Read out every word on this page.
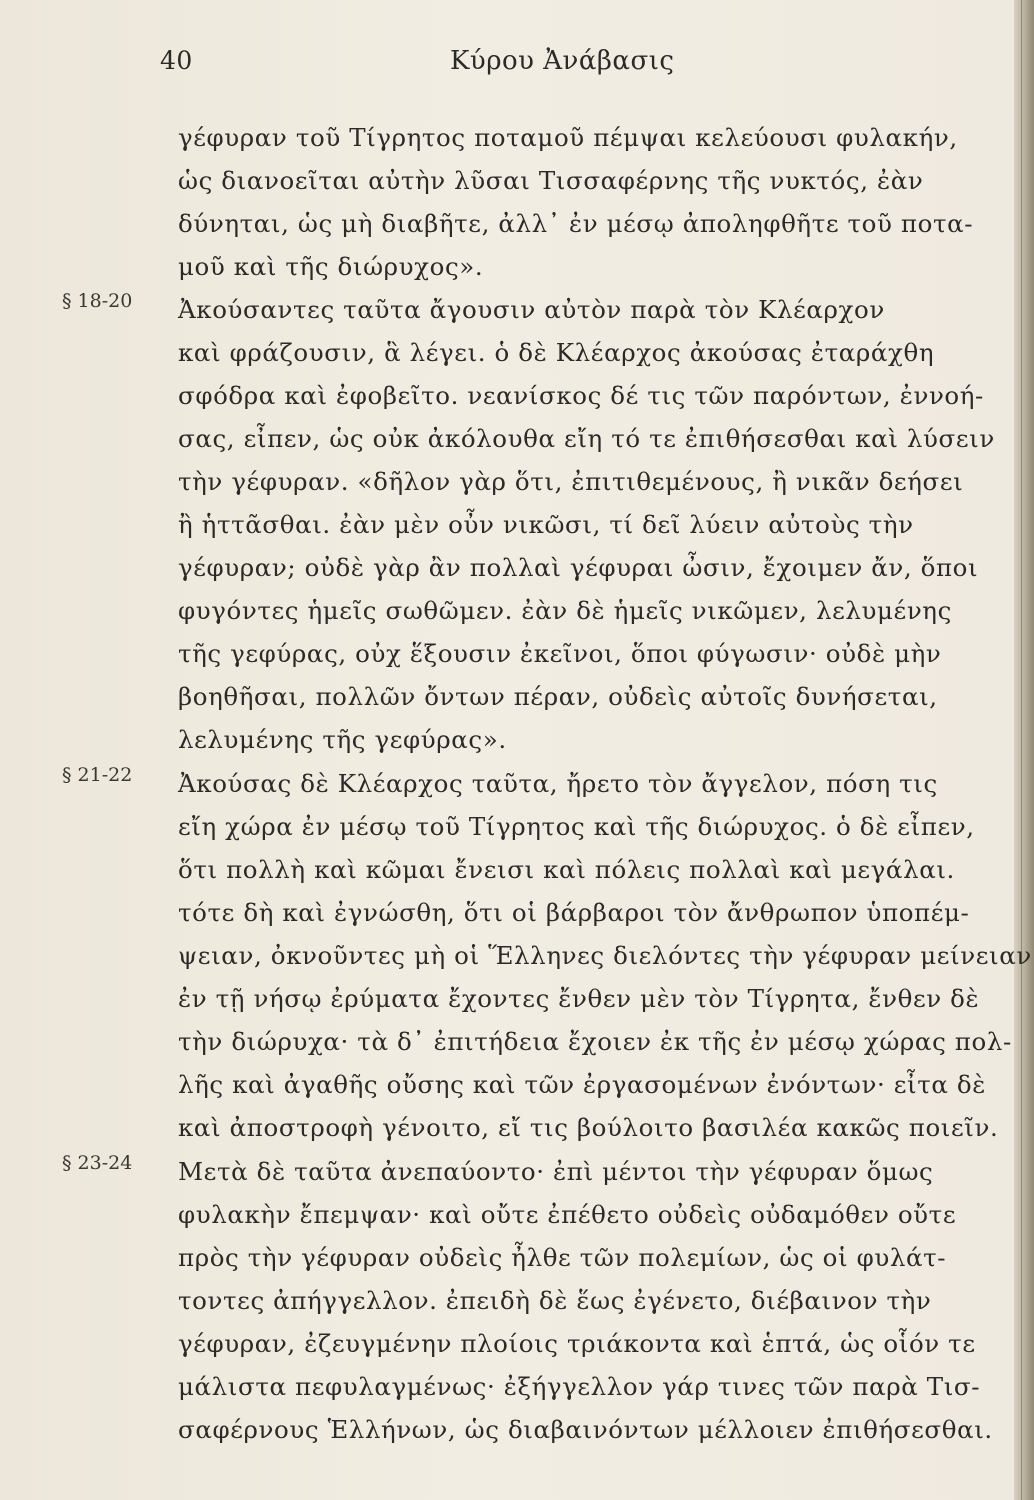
40	Κύρου Ἀνάβασις
γέφυραν τοῦ Τίγρητος ποταμοῦ πέμψαι κελεύουσι φυλακήν,
ὡς διανοεῖται αὐτὴν λῦσαι Τισσαφέρνης τῆς νυκτός, ἐὰν
δύνηται, ὡς μὴ διαβῆτε, ἀλλ᾽ ἐν μέσῳ ἀποληφθῆτε τοῦ ποτα-
μοῦ καὶ τῆς διώρυχος».
§ 18-20 Ἀκούσαντες ταῦτα ἄγουσιν αὐτὸν παρὰ τὸν Κλέαρχον
καὶ φράζουσιν, ἃ λέγει. ὁ δὲ Κλέαρχος ἀκούσας ἐταράχθη
σφόδρα καὶ ἐφοβεῖτο. νεανίσκος δέ τις τῶν παρόντων, ἐννοή-
σας, εἶπεν, ὡς οὐκ ἀκόλουθα εἴη τό τε ἐπιθήσεσθαι καὶ λύσειν
τὴν γέφυραν. «δῆλον γὰρ ὅτι, ἐπιτιθεμένους, ἢ νικᾶν δεήσει
ἢ ἡττᾶσθαι. ἐὰν μὲν οὖν νικῶσι, τί δεῖ λύειν αὐτοὺς τὴν
γέφυραν; οὐδὲ γὰρ ἂν πολλαὶ γέφυραι ὦσιν, ἔχοιμεν ἄν, ὅποι
φυγόντες ἡμεῖς σωθῶμεν. ἐὰν δὲ ἡμεῖς νικῶμεν, λελυμένης
τῆς γεφύρας, οὐχ ἕξουσιν ἐκεῖνοι, ὅποι φύγωσιν· οὐδὲ μὴν
βοηθῆσαι, πολλῶν ὄντων πέραν, οὐδεὶς αὐτοῖς δυνήσεται,
λελυμένης τῆς γεφύρας».
§ 21-22 Ἀκούσας δὲ Κλέαρχος ταῦτα, ἤρετο τὸν ἄγγελον, πόση τις
εἴη χώρα ἐν μέσῳ τοῦ Τίγρητος καὶ τῆς διώρυχος. ὁ δὲ εἶπεν,
ὅτι πολλὴ καὶ κῶμαι ἔνεισι καὶ πόλεις πολλαὶ καὶ μεγάλαι.
τότε δὴ καὶ ἐγνώσθη, ὅτι οἱ βάρβαροι τὸν ἄνθρωπον ὑποπέμ-
ψειαν, ὀκνοῦντες μὴ οἱ Ἕλληνες διελόντες τὴν γέφυραν μείνειαν
ἐν τῇ νήσῳ ἐρύματα ἔχοντες ἔνθεν μὲν τὸν Τίγρητα, ἔνθεν δὲ
τὴν διώρυχα· τὰ δ᾽ ἐπιτήδεια ἔχοιεν ἐκ τῆς ἐν μέσῳ χώρας πολ-
λῆς καὶ ἀγαθῆς οὔσης καὶ τῶν ἐργασομένων ἐνόντων· εἶτα δὲ
καὶ ἀποστροφὴ γένοιτο, εἴ τις βούλοιτο βασιλέα κακῶς ποιεῖν.
§ 23-24 Μετὰ δὲ ταῦτα ἀνεπαύοντο· ἐπὶ μέντοι τὴν γέφυραν ὅμως
φυλακὴν ἔπεμψαν· καὶ οὔτε ἐπέθετο οὐδεὶς οὐδαμόθεν οὔτε
πρὸς τὴν γέφυραν οὐδεὶς ἦλθε τῶν πολεμίων, ὡς οἱ φυλάτ-
τοντες ἀπήγγελλον. ἐπειδὴ δὲ ἕως ἐγένετο, διέβαινον τὴν
γέφυραν, ἐζευγμένην πλοίοις τριάκοντα καὶ ἑπτά, ὡς οἷόν τε
μάλιστα πεφυλαγμένως· ἐξήγγελλον γάρ τινες τῶν παρὰ Τισ-
σαφέρνους Ἑλλήνων, ὡς διαβαινόντων μέλλοιεν ἐπιθήσεσθαι.
